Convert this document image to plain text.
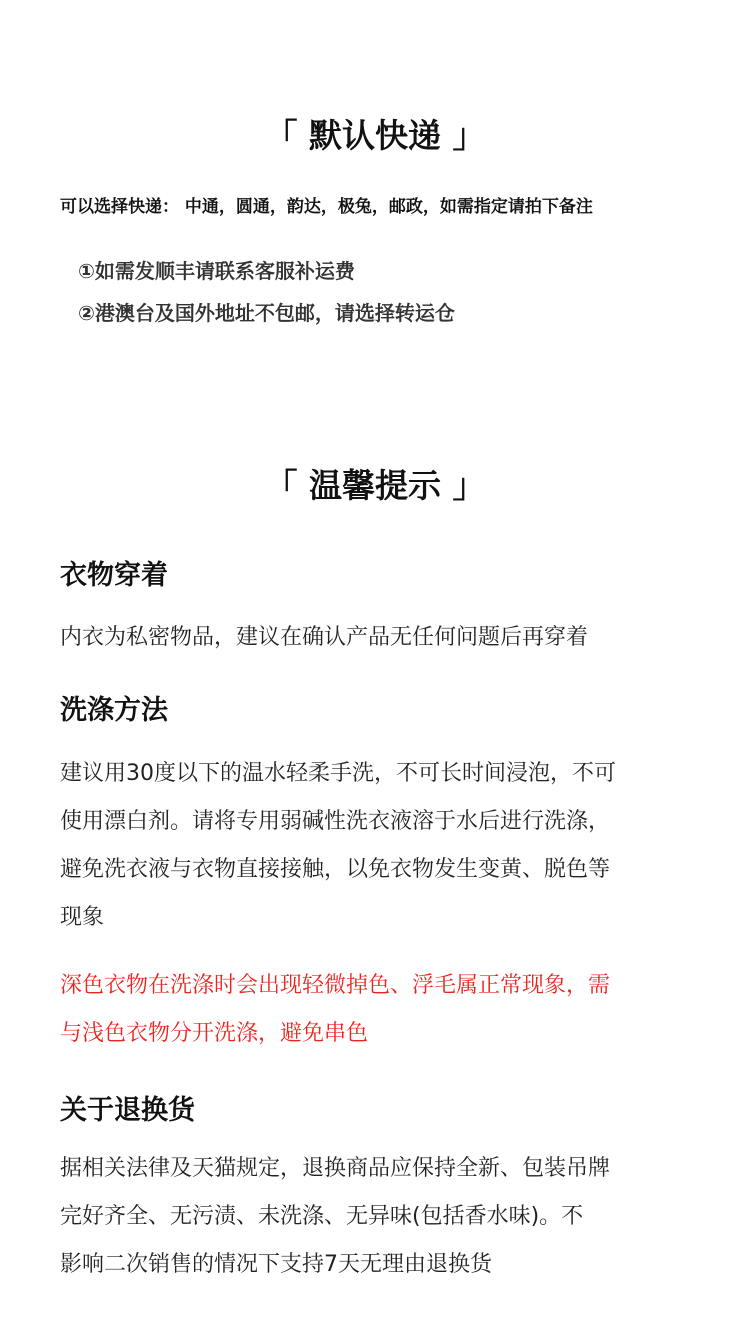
「 默认快递 」
可以选择快递： 中通，圆通，韵达，极兔，邮政，如需指定请拍下备注
①如需发顺丰请联系客服补运费
②港澳台及国外地址不包邮，请选择转运仓
「 温馨提示 」
衣物穿着
内衣为私密物品，建议在确认产品无任何问题后再穿着
洗涤方法
建议用30度以下的温水轻柔手洗，不可长时间浸泡，不可
使用漂白剂。请将专用弱碱性洗衣液溶于水后进行洗涤，
避免洗衣液与衣物直接接触，以免衣物发生变黄、脱色等
现象
深色衣物在洗涤时会出现轻微掉色、浮毛属正常现象，需
与浅色衣物分开洗涤，避免串色
关于退换货
据相关法律及天猫规定，退换商品应保持全新、包装吊牌
完好齐全、无污渍、未洗涤、无异味(包括香水味)。不
影响二次销售的情况下支持7天无理由退换货
